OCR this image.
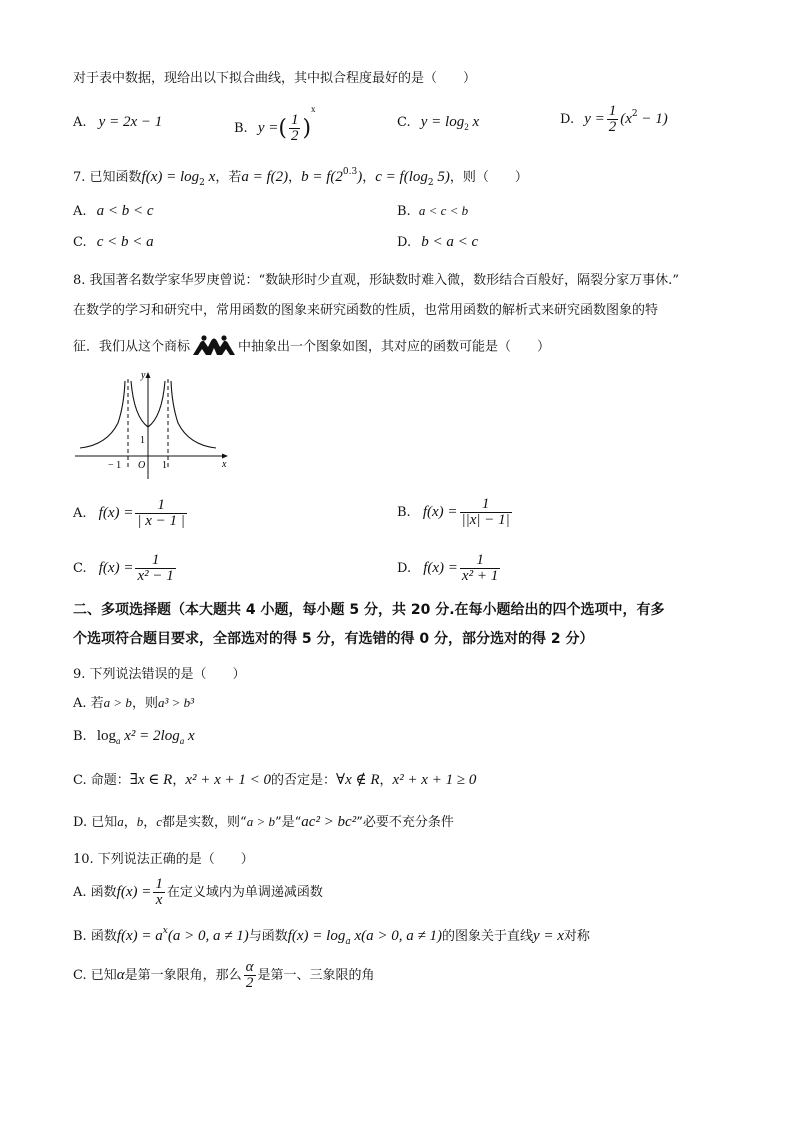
对于表中数据，现给出以下拟合曲线，其中拟合程度最好的是（　　）
A. y = 2x − 1	B. y =( $\frac{1}{2} )^x$
C. $y = \log_2 x$	D. $y = \frac{1}{2} (x^2 - 1)$
7. 已知函数$f(x) = \log_2 x$，若a = f(2)，$b = f(2^{0.3})$，$c = f(\log_2$ 5)，则（　　）
A. a < b < c	B. a < c < b
C. c < b < a	D. b < a < c
8. 我国著名数学家华罗庚曾说：“数缺形时少直观，形缺数时难入微，数形结合百般好，隔裂分家万事休.”
在数学的学习和研究中，常用函数的图象来研究函数的性质，也常用函数的解析式来研究函数图象的特
征．我们从这个商标	中抽象出一个图象如图，其对应的函数可能是（　　）
y
x
O
− 1	1
1
A. $f(x) = \frac{1}{| x - 1 |}$	B. $f(x) = \frac{1}{||x| - 1|}$
C. $f(x) = \frac{1}{\text{x² − 1}}$	D. $f(x) = \frac{1}{\text{x² + 1}}$
二、多项选择题（本大题共 4 小题，每小题 5 分，共 20 分.在每小题给出的四个选项中，有多
个选项符合题目要求，全部选对的得 5 分，有选错的得 0 分，部分选对的得 2 分）
9. 下列说法错误的是（　　）
A. 若a > b，则a³ > b³
B. $\log_a x^2 = 2\log_a$ x
C. 命题：∃x ∈ R，x² + x + 1 < 0的否定是：∀x ∉ R，x² + x + 1 ≥ 0
D. 已知a，b，c都是实数，则“a > b”是“ac² > bc²”必要不充分条件
10. 下列说法正确的是（　　）
A. 函数$f(x) = \frac{1}{x}$ 在定义域内为单调递减函数
B. 函数$f(x) = a^x(a > 0$, a ≠ 1)与函数$f(x) = \log_a x(a > 0$, a ≠ 1)的图象关于直线y = x对称
C. 已知α是第一象限角，那么 $\frac{\alpha}{2}$ 是第一、三象限的角
